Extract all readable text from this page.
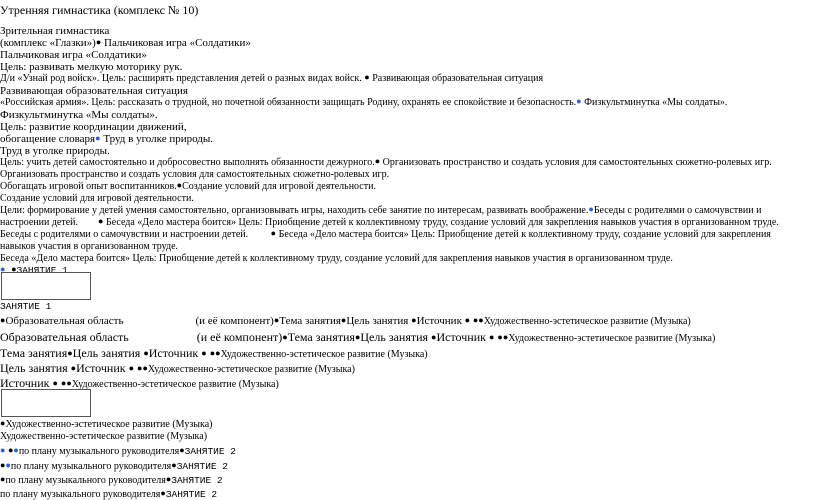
Утренняя гимнастика (комплекс № 10)
Зрительная гимнастика
(комплекс «Глазки»)● Пальчиковая игра «Солдатики»
Пальчиковая игра «Солдатики»
Цель: развивать мелкую моторику рук.
Д/и «Узнай род войск». Цель: расширять представления детей о разных видах войск. ● Развивающая образовательная ситуация
Развивающая образовательная ситуация
«Российская армия». Цель: рассказать о трудной, но почетной обязанности защищать Родину, охранять ее спокойствие и безопасность.● Физкультминутка «Мы солдаты».
Физкультминутка «Мы солдаты».
Цель: развитие координации движений,
обогащение словаря● Труд в уголке природы.
Труд в уголке природы.
Цель: учить детей самостоятельно и добросовестно выполнять обязанности дежурного.● Организовать пространство и создать условия для самостоятельных сюжетно-ролевых игр.
Организовать пространство и создать условия для самостоятельных сюжетно-ролевых игр.
Обогащать игровой опыт воспитанников.●Создание условий для игровой деятельности.
Создание условий для игровой деятельности.
Цели: формирование у детей умения самостоятельно, организовывать игры, находить себе занятие по интересам, развивать воображение.●Беседы с родителями о самочувствии и
настроении детей. ● Беседа «Дело мастера боится» Цель: Приобщение детей к коллективному труду, создание условий для закрепления навыков участия в организованном труде.
Беседы с родителями о самочувствии и настроении детей.	● Беседа «Дело мастера боится» Цель: Приобщение детей к коллективному труду, создание условий для закрепления
навыков участия в организованном труде.
Беседа «Дело мастера боится» Цель: Приобщение детей к коллективному труду, создание условий для закрепления навыков участия в организованном труде.
● ●ЗАНЯТИЕ 1
ЗАНЯТИЕ 1
●Образовательная область	(и её компонент)●Тема занятия●Цель занятия ●Источник ● ●●Художественно-эстетическое развитие (Музыка)
Образовательная область	(и её компонент)●Тема занятия●Цель занятия ●Источник ● ●●Художественно-эстетическое развитие (Музыка)
Тема занятия●Цель занятия ●Источник ● ●●Художественно-эстетическое развитие (Музыка)
Цель занятия ●Источник ● ●●Художественно-эстетическое развитие (Музыка)
Источник ● ●●Художественно-эстетическое развитие (Музыка)
●Художественно-эстетическое развитие (Музыка)
Художественно-эстетическое развитие (Музыка)
● ●●по плану музыкального руководителя●ЗАНЯТИЕ 2
●●по плану музыкального руководителя●ЗАНЯТИЕ 2
●по плану музыкального руководителя●ЗАНЯТИЕ 2
по плану музыкального руководителя●ЗАНЯТИЕ 2
